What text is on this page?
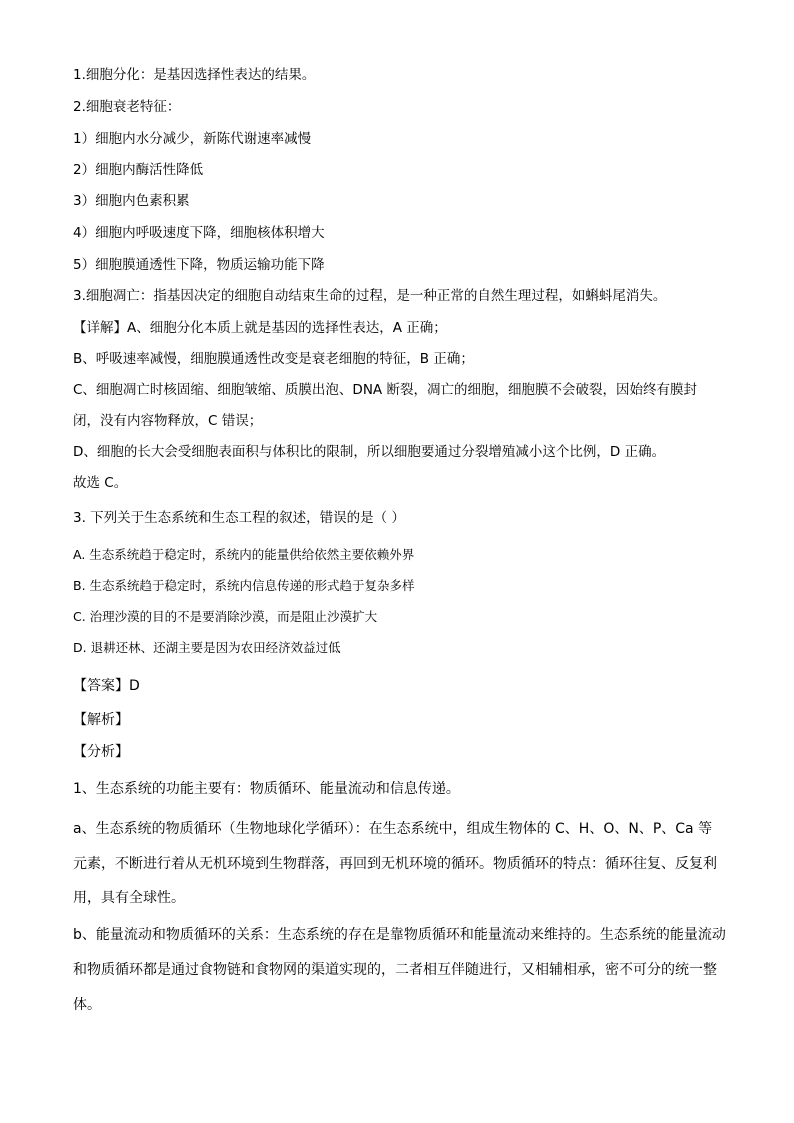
1.细胞分化：是基因选择性表达的结果。
2.细胞衰老特征：
1）细胞内水分减少，新陈代谢速率减慢
2）细胞内酶活性降低
3）细胞内色素积累
4）细胞内呼吸速度下降，细胞核体积增大
5）细胞膜通透性下降，物质运输功能下降
3.细胞凋亡：指基因决定的细胞自动结束生命的过程，是一种正常的自然生理过程，如蝌蚪尾消失。
【详解】A、细胞分化本质上就是基因的选择性表达，A 正确；
B、呼吸速率减慢，细胞膜通透性改变是衰老细胞的特征，B 正确；
C、细胞凋亡时核固缩、细胞皱缩、质膜出泡、DNA 断裂，凋亡的细胞，细胞膜不会破裂，因始终有膜封
闭，没有内容物释放，C 错误；
D、细胞的长大会受细胞表面积与体积比的限制，所以细胞要通过分裂增殖减小这个比例，D 正确。
故选 C。
3. 下列关于生态系统和生态工程的叙述，错误的是（ ）
A. 生态系统趋于稳定时，系统内的能量供给依然主要依赖外界
B. 生态系统趋于稳定时，系统内信息传递的形式趋于复杂多样
C. 治理沙漠的目的不是要消除沙漠，而是阻止沙漠扩大
D. 退耕还林、还湖主要是因为农田经济效益过低
【答案】D
【解析】
【分析】
1、生态系统的功能主要有：物质循环、能量流动和信息传递。
a、生态系统的物质循环（生物地球化学循环）：在生态系统中，组成生物体的 C、H、O、N、P、Ca 等
元素，不断进行着从无机环境到生物群落，再回到无机环境的循环。物质循环的特点：循环往复、反复利
用，具有全球性。
b、能量流动和物质循环的关系：生态系统的存在是靠物质循环和能量流动来维持的。生态系统的能量流动
和物质循环都是通过食物链和食物网的渠道实现的，二者相互伴随进行，又相辅相承，密不可分的统一整
体。
